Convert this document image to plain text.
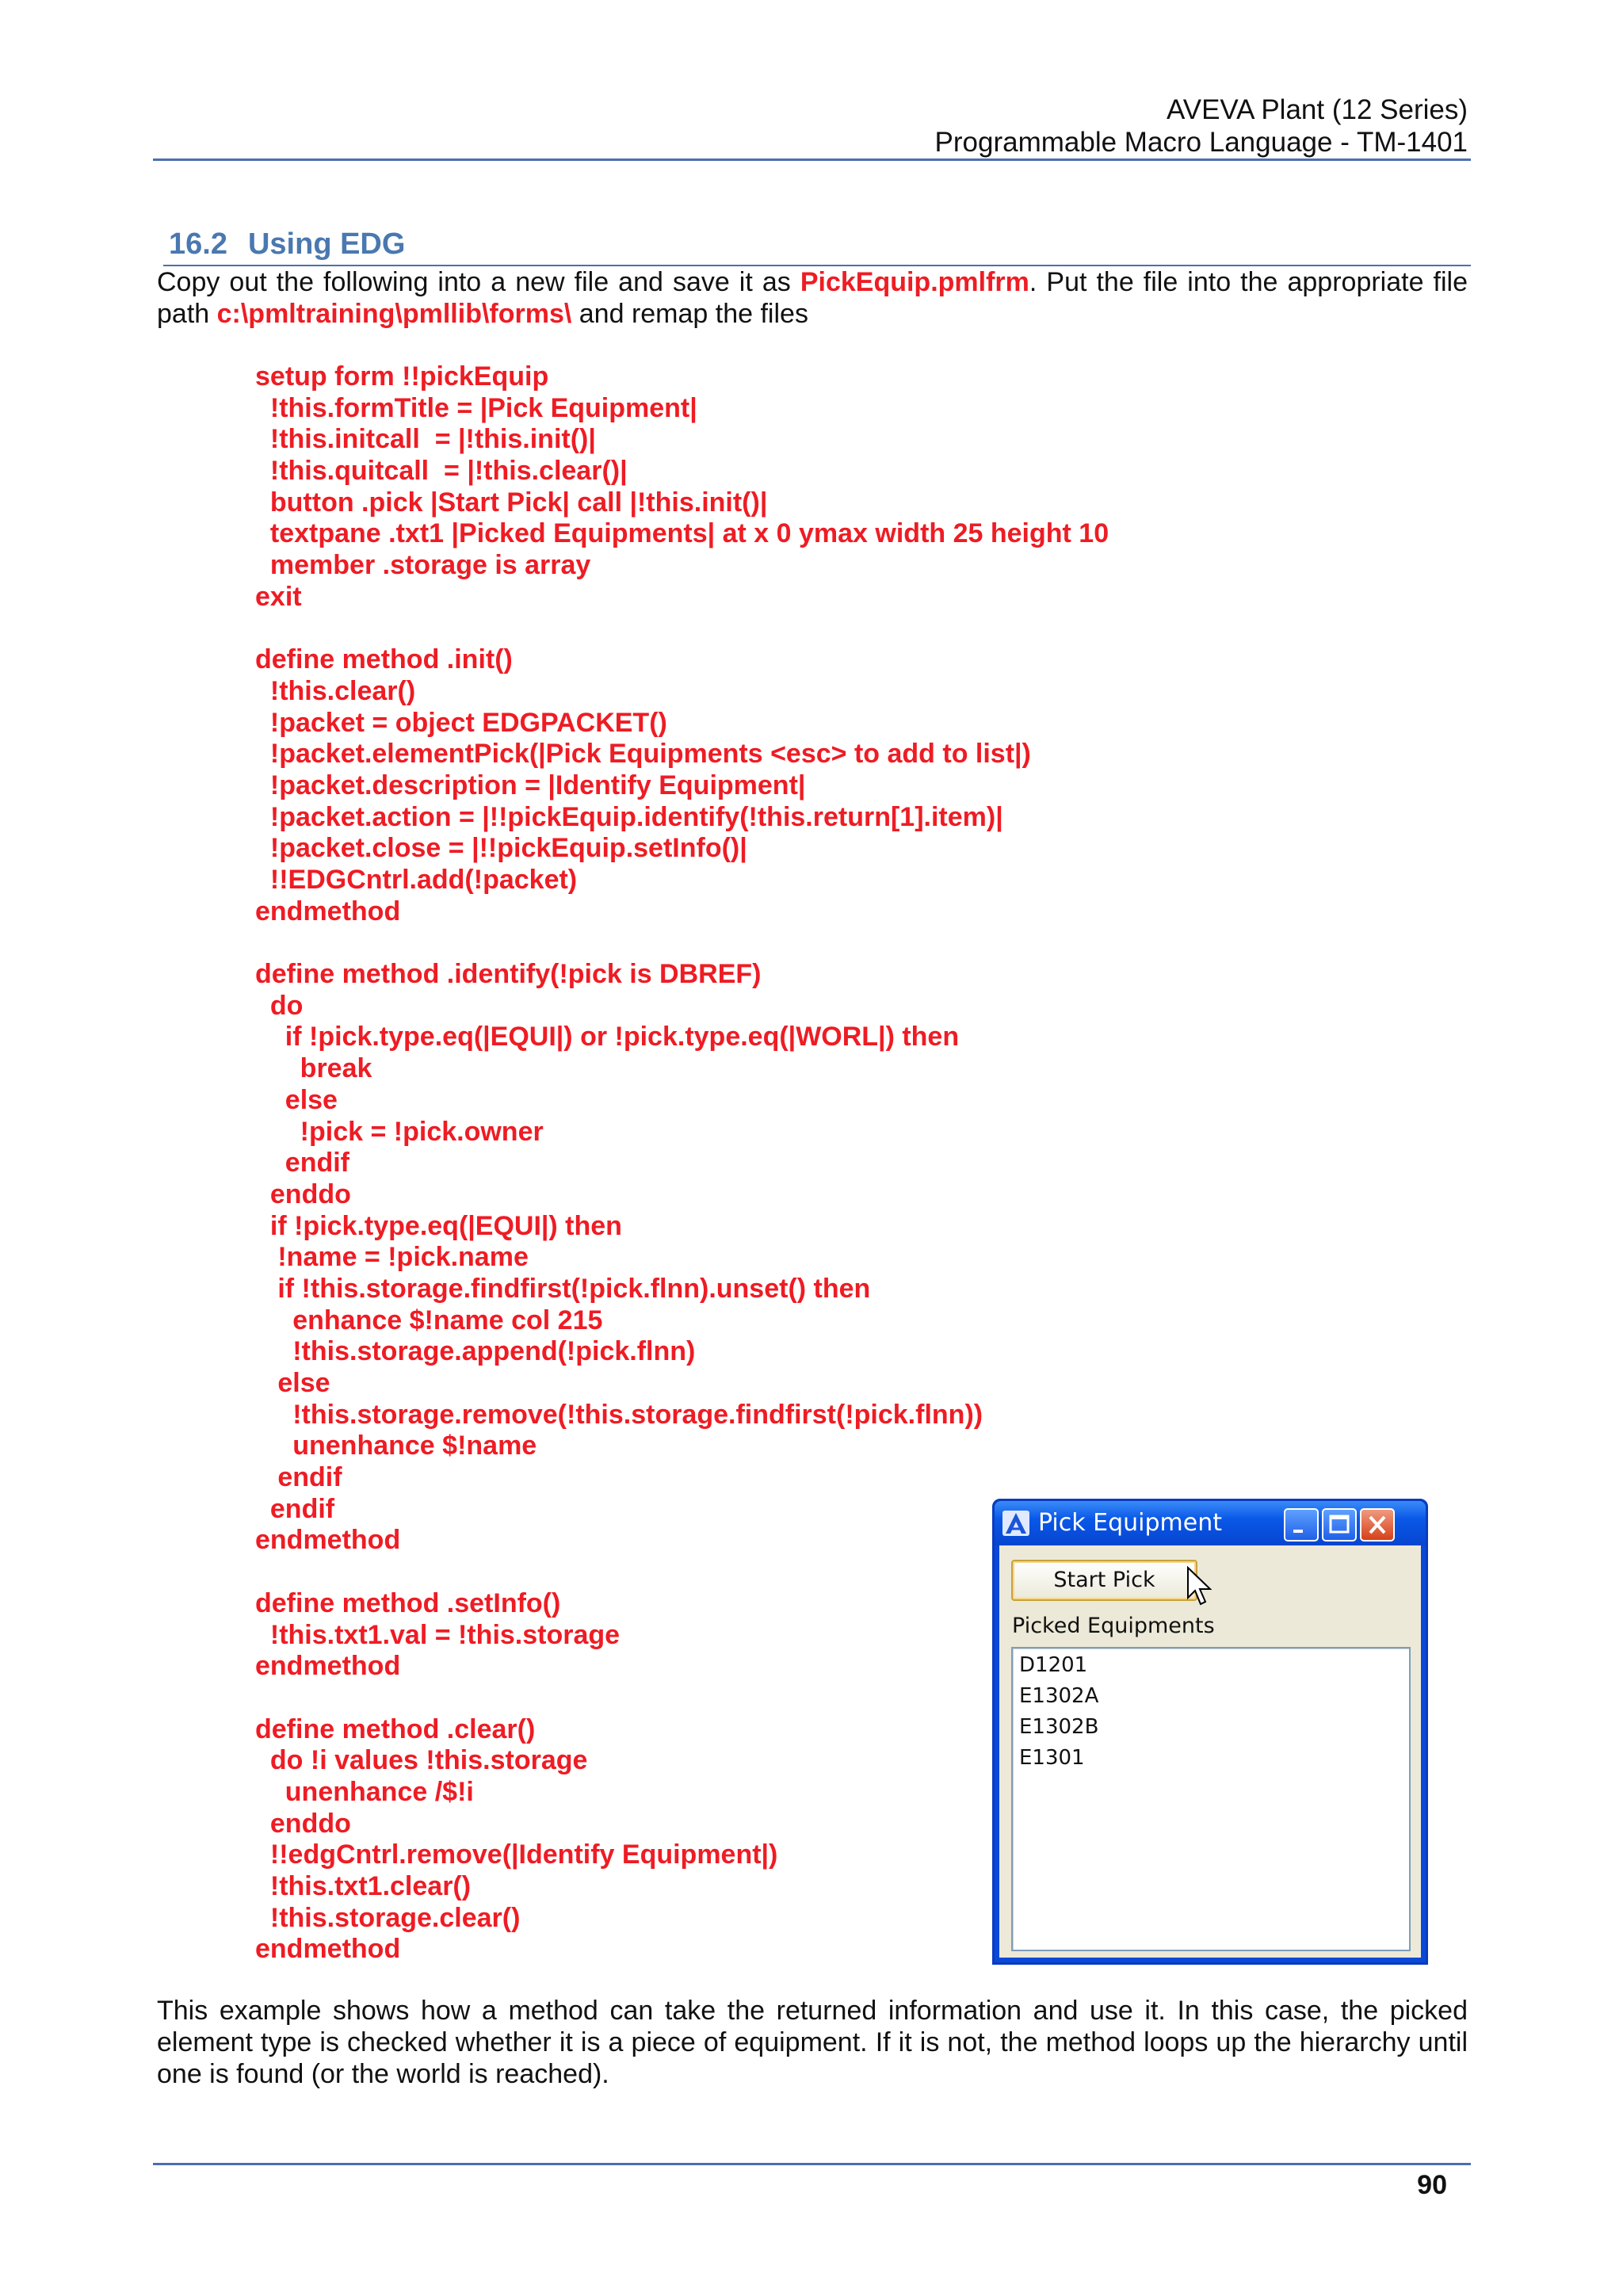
AVEVA Plant (12 Series)
Programmable Macro Language - TM-1401
16.2 Using EDG
Copy out the following into a new file and save it as PickEquip.pmlfrm. Put the file into the appropriate file path c:\pmltraining\pmllib\forms\ and remap the files
setup form !!pickEquip
!this.formTitle = |Pick Equipment|
!this.initcall  = |!this.init()|
!this.quitcall  = |!this.clear()|
button .pick |Start Pick| call |!this.init()|
textpane .txt1 |Picked Equipments| at x 0 ymax width 25 height 10
member .storage is array
exit
define method .init()
!this.clear()
!packet = object EDGPACKET()
!packet.elementPick(|Pick Equipments <esc> to add to list|)
!packet.description = |Identify Equipment|
!packet.action = |!!pickEquip.identify(!this.return[1].item)|
!packet.close = |!!pickEquip.setInfo()|
!!EDGCntrl.add(!packet)
endmethod
define method .identify(!pick is DBREF)
do
if !pick.type.eq(|EQUI|) or !pick.type.eq(|WORL|) then
break
else
!pick = !pick.owner
endif
enddo
if !pick.type.eq(|EQUI|) then
!name = !pick.name
if !this.storage.findfirst(!pick.flnn).unset() then
enhance $!name col 215
!this.storage.append(!pick.flnn)
else
!this.storage.remove(!this.storage.findfirst(!pick.flnn))
unenhance $!name
endif
endif
endmethod
define method .setInfo()
!this.txt1.val = !this.storage
endmethod
define method .clear()
do !i values !this.storage
unenhance /$!i
enddo
!!edgCntrl.remove(|Identify Equipment|)
!this.txt1.clear()
!this.storage.clear()
endmethod
Pick Equipment
Start Pick
Picked Equipments
D1201
E1302A
E1302B
E1301
This example shows how a method can take the returned information and use it. In this case, the picked element type is checked whether it is a piece of equipment. If it is not, the method loops up the hierarchy until one is found (or the world is reached).
90
